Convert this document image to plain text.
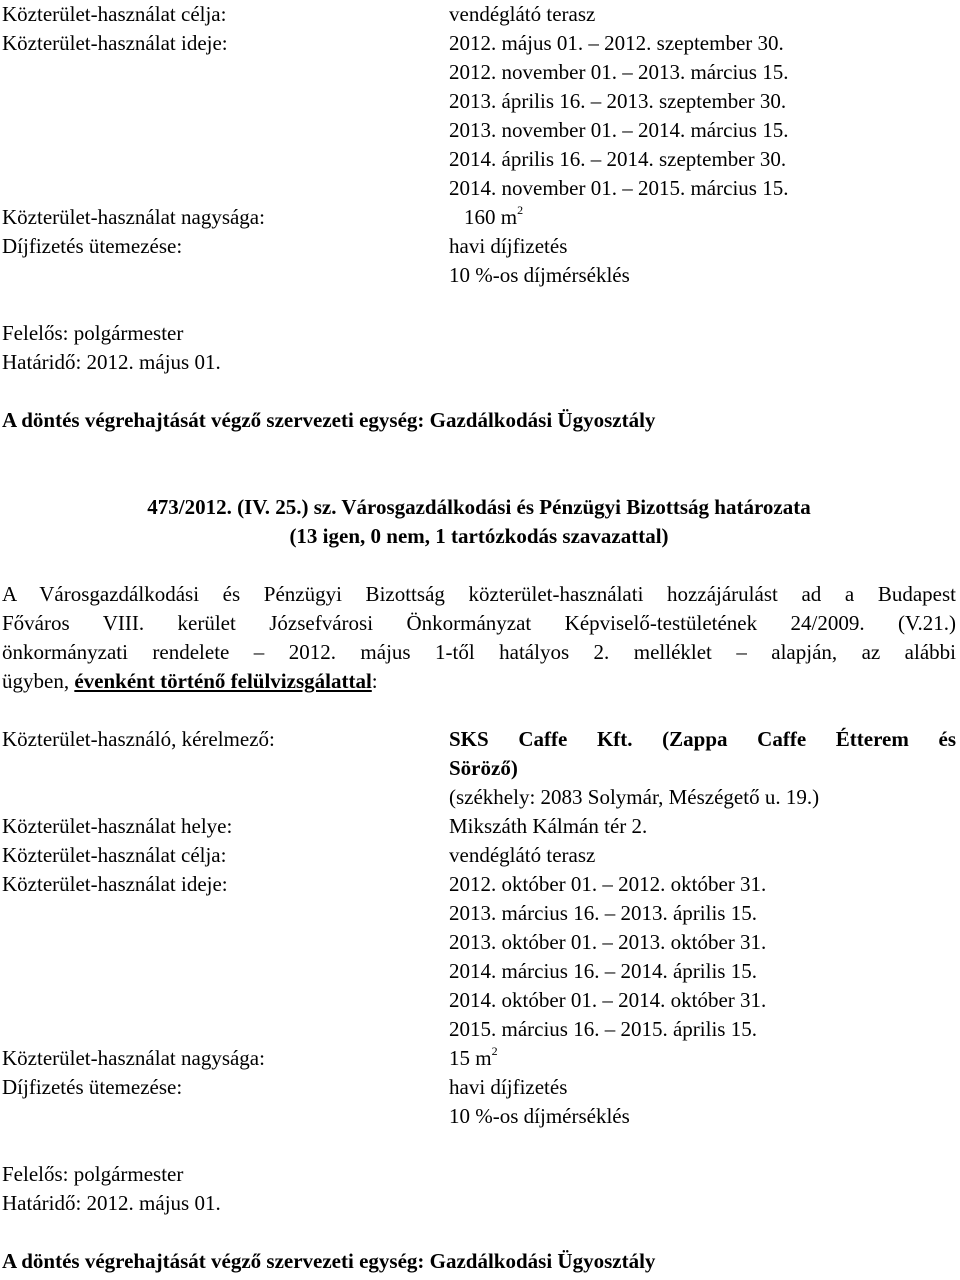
Közterület-használat célja:	vendéglátó terasz
Közterület-használat ideje:	2012. május 01. – 2012. szeptember 30.
2012. november 01. – 2013. március 15.
2013. április 16. – 2013. szeptember 30.
2013. november 01. – 2014. március 15.
2014. április 16. – 2014. szeptember 30.
2014. november 01. – 2015. március 15.
Közterület-használat nagysága:	160 $m^2$
Díjfizetés ütemezése:	havi díjfizetés
10 %-os díjmérséklés
Felelős: polgármester
Határidő: 2012. május 01.
A döntés végrehajtását végző szervezeti egység: Gazdálkodási Ügyosztály
473/2012. (IV. 25.) sz. Városgazdálkodási és Pénzügyi Bizottság határozata
(13 igen, 0 nem, 1 tartózkodás szavazattal)
A Városgazdálkodási és Pénzügyi Bizottság közterület-használati hozzájárulást ad a Budapest
Főváros VIII. kerület Józsefvárosi Önkormányzat Képviselő-testületének 24/2009. (V.21.)
önkormányzati rendelete – 2012. május 1-től hatályos 2. melléklet – alapján, az alábbi
ügyben, évenként történő felülvizsgálattal:
Közterület-használó, kérelmező:	SKS Caffe Kft. (Zappa Caffe Étterem és
Söröző)
(székhely: 2083 Solymár, Mészégető u. 19.)
Közterület-használat helye:	Mikszáth Kálmán tér 2.
Közterület-használat célja:	vendéglátó terasz
Közterület-használat ideje:	2012. október 01. – 2012. október 31.
2013. március 16. – 2013. április 15.
2013. október 01. – 2013. október 31.
2014. március 16. – 2014. április 15.
2014. október 01. – 2014. október 31.
2015. március 16. – 2015. április 15.
Közterület-használat nagysága:	15 $m^2$
Díjfizetés ütemezése:	havi díjfizetés
10 %-os díjmérséklés
Felelős: polgármester
Határidő: 2012. május 01.
A döntés végrehajtását végző szervezeti egység: Gazdálkodási Ügyosztály
